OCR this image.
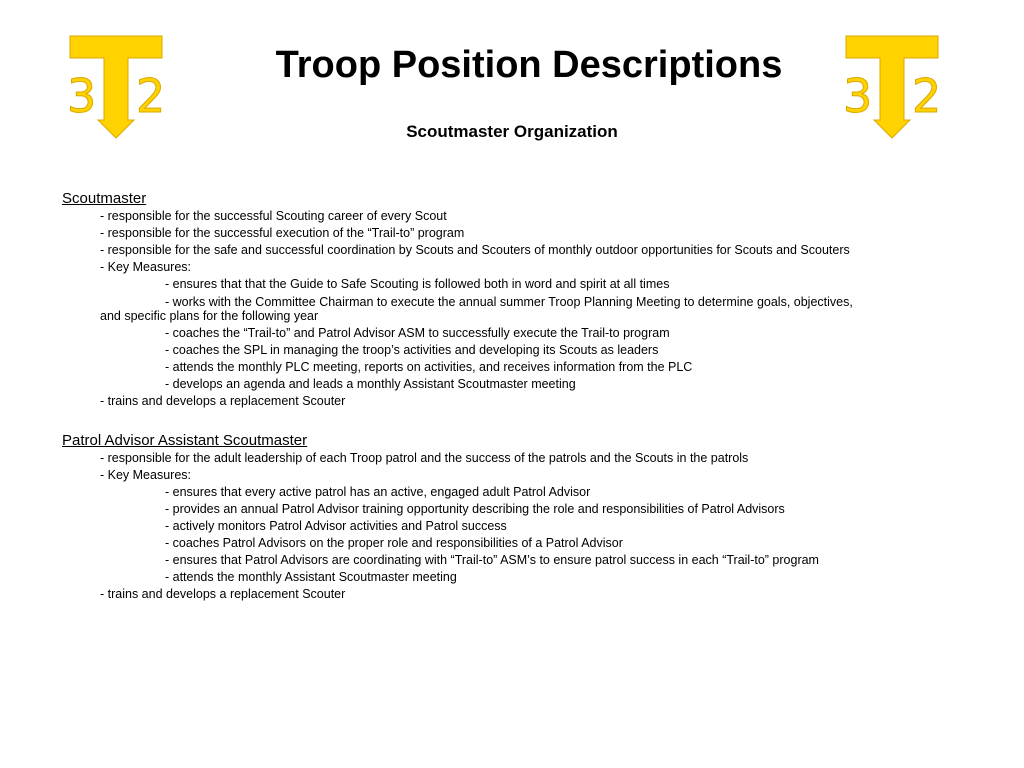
3 2	3 2
Troop Position Descriptions
Scoutmaster Organization

Scoutmaster

- responsible for the successful Scouting career of every Scout

- responsible for the successful execution of the “Trail-to” program

- responsible for the safe and successful coordination by Scouts and Scouters of monthly outdoor opportunities for Scouts and Scouters

- Key Measures:

- ensures that that the Guide to Safe Scouting is followed both in word and spirit at all times

- works with the Committee Chairman to execute the annual summer Troop Planning Meeting to determine goals, objectives,

and specific plans for the following year

- coaches the “Trail-to” and Patrol Advisor ASM to successfully execute the Trail-to program

- coaches the SPL in managing the troop’s activities and developing its Scouts as leaders

- attends the monthly PLC meeting, reports on activities, and receives information from the PLC

- develops an agenda and leads a monthly Assistant Scoutmaster meeting

- trains and develops a replacement Scouter

Patrol Advisor Assistant Scoutmaster

- responsible for the adult leadership of each Troop patrol and the success of the patrols and the Scouts in the patrols

- Key Measures:

- ensures that every active patrol has an active, engaged adult Patrol Advisor

- provides an annual Patrol Advisor training opportunity describing the role and responsibilities of Patrol Advisors

- actively monitors Patrol Advisor activities and Patrol success

- coaches Patrol Advisors on the proper role and responsibilities of a Patrol Advisor

- ensures that Patrol Advisors are coordinating with “Trail-to” ASM’s to ensure patrol success in each “Trail-to” program

- attends the monthly Assistant Scoutmaster meeting

- trains and develops a replacement Scouter
